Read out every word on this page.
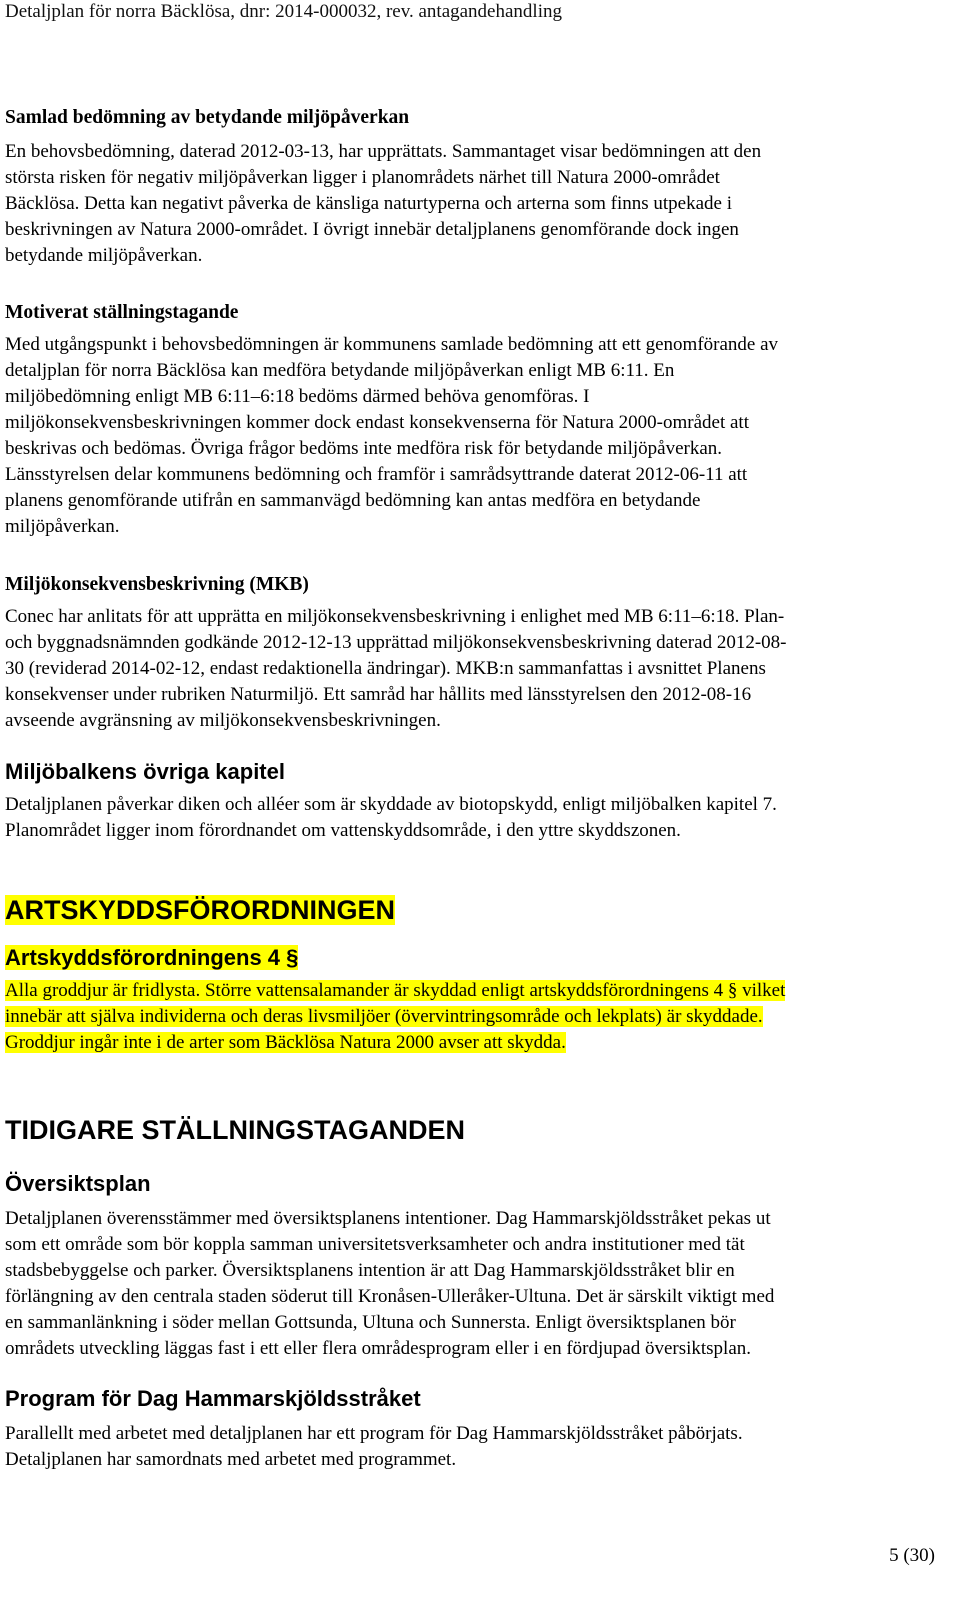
Detaljplan för norra Bäcklösa, dnr: 2014-000032, rev. antagandehandling

Samlad bedömning av betydande miljöpåverkan

En behovsbedömning, daterad 2012-03-13, har upprättats. Sammantaget visar bedömningen att den

största risken för negativ miljöpåverkan ligger i planområdets närhet till Natura 2000-området

Bäcklösa. Detta kan negativt påverka de känsliga naturtyperna och arterna som finns utpekade i

beskrivningen av Natura 2000-området. I övrigt innebär detaljplanens genomförande dock ingen

betydande miljöpåverkan.

Motiverat ställningstagande

Med utgångspunkt i behovsbedömningen är kommunens samlade bedömning att ett genomförande av

detaljplan för norra Bäcklösa kan medföra betydande miljöpåverkan enligt MB 6:11. En

miljöbedömning enligt MB 6:11–6:18 bedöms därmed behöva genomföras. I

miljökonsekvensbeskrivningen kommer dock endast konsekvenserna för Natura 2000-området att

beskrivas och bedömas. Övriga frågor bedöms inte medföra risk för betydande miljöpåverkan.

Länsstyrelsen delar kommunens bedömning och framför i samrådsyttrande daterat 2012-06-11 att

planens genomförande utifrån en sammanvägd bedömning kan antas medföra en betydande

miljöpåverkan.

Miljökonsekvensbeskrivning (MKB)

Conec har anlitats för att upprätta en miljökonsekvensbeskrivning i enlighet med MB 6:11–6:18. Plan-

och byggnadsnämnden godkände 2012-12-13 upprättad miljökonsekvensbeskrivning daterad 2012-08-

30 (reviderad 2014-02-12, endast redaktionella ändringar). MKB:n sammanfattas i avsnittet Planens

konsekvenser under rubriken Naturmiljö. Ett samråd har hållits med länsstyrelsen den 2012-08-16

avseende avgränsning av miljökonsekvensbeskrivningen.

Miljöbalkens övriga kapitel

Detaljplanen påverkar diken och alléer som är skyddade av biotopskydd, enligt miljöbalken kapitel 7.

Planområdet ligger inom förordnandet om vattenskyddsområde, i den yttre skyddszonen.

ARTSKYDDSFÖRORDNINGEN

Artskyddsförordningens 4 §

Alla groddjur är fridlysta. Större vattensalamander är skyddad enligt artskyddsförordningens 4 § vilket

innebär att själva individerna och deras livsmiljöer (övervintringsområde och lekplats) är skyddade.

Groddjur ingår inte i de arter som Bäcklösa Natura 2000 avser att skydda.

TIDIGARE STÄLLNINGSTAGANDEN

Översiktsplan

Detaljplanen överensstämmer med översiktsplanens intentioner. Dag Hammarskjöldsstråket pekas ut

som ett område som bör koppla samman universitetsverksamheter och andra institutioner med tät

stadsbebyggelse och parker. Översiktsplanens intention är att Dag Hammarskjöldsstråket blir en

förlängning av den centrala staden söderut till Kronåsen-Ulleråker-Ultuna. Det är särskilt viktigt med

en sammanlänkning i söder mellan Gottsunda, Ultuna och Sunnersta. Enligt översiktsplanen bör

områdets utveckling läggas fast i ett eller flera områdesprogram eller i en fördjupad översiktsplan.

Program för Dag Hammarskjöldsstråket

Parallellt med arbetet med detaljplanen har ett program för Dag Hammarskjöldsstråket påbörjats.

Detaljplanen har samordnats med arbetet med programmet.

5 (30)
